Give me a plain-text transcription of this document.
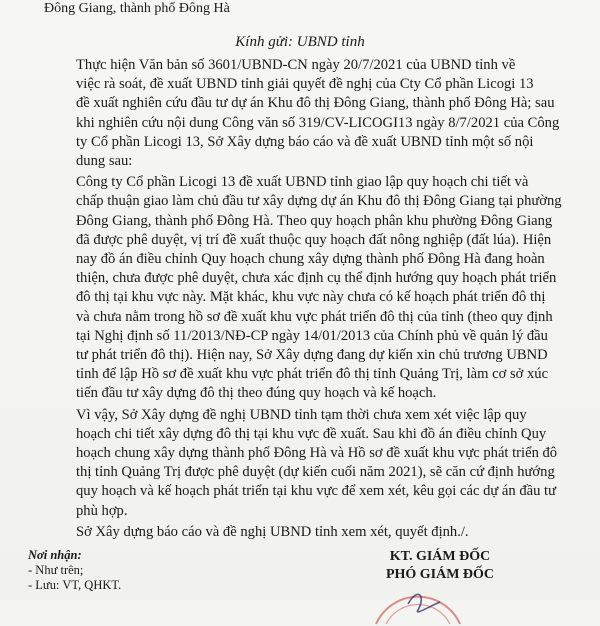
Đông Giang, thành phố Đông Hà
Kính gửi: UBND tỉnh

Thực hiện Văn bản số 3601/UBND-CN ngày 20/7/2021 của UBND tỉnh về
việc rà soát, đề xuất UBND tỉnh giải quyết đề nghị của Cty Cổ phần Licogi 13
đề xuất nghiên cứu đầu tư dự án Khu đô thị Đông Giang, thành phố Đông Hà; sau
khi nghiên cứu nội dung Công văn số 319/CV-LICOGI13 ngày 8/7/2021 của Công
ty Cổ phần Licogi 13, Sở Xây dựng báo cáo và đề xuất UBND tỉnh một số nội
dung sau:

Công ty Cổ phần Licogi 13 đề xuất UBND tỉnh giao lập quy hoạch chi tiết và
chấp thuận giao làm chủ đầu tư xây dựng dự án Khu đô thị Đông Giang tại phường
Đông Giang, thành phố Đông Hà. Theo quy hoạch phân khu phường Đông Giang
đã được phê duyệt, vị trí đề xuất thuộc quy hoạch đất nông nghiệp (đất lúa). Hiện
nay đồ án điều chỉnh Quy hoạch chung xây dựng thành phố Đông Hà đang hoàn
thiện, chưa được phê duyệt, chưa xác định cụ thể định hướng quy hoạch phát triển
đô thị tại khu vực này. Mặt khác, khu vực này chưa có kế hoạch phát triển đô thị
và chưa nằm trong hồ sơ đề xuất khu vực phát triển đô thị của tỉnh (theo quy định
tại Nghị định số 11/2013/NĐ-CP ngày 14/01/2013 của Chính phủ về quản lý đầu
tư phát triển đô thị). Hiện nay, Sở Xây dựng đang dự kiến xin chủ trương UBND
tỉnh để lập Hồ sơ đề xuất khu vực phát triển đô thị tỉnh Quảng Trị, làm cơ sở xúc
tiến đầu tư xây dựng đô thị theo đúng quy hoạch và kế hoạch.

Vì vậy, Sở Xây dựng đề nghị UBND tỉnh tạm thời chưa xem xét việc lập quy
hoạch chi tiết xây dựng đô thị tại khu vực đề xuất. Sau khi đồ án điều chỉnh Quy
hoạch chung xây dựng thành phố Đông Hà và Hồ sơ đề xuất khu vực phát triển đô
thị tỉnh Quảng Trị được phê duyệt (dự kiến cuối năm 2021), sẽ căn cứ định hướng
quy hoạch và kế hoạch phát triển tại khu vực để xem xét, kêu gọi các dự án đầu tư
phù hợp.

Sở Xây dựng báo cáo và đề nghị UBND tỉnh xem xét, quyết định./.

Nơi nhận:
- Như trên;
- Lưu: VT, QHKT.
KT. GIÁM ĐỐC
PHÓ GIÁM ĐỐC
